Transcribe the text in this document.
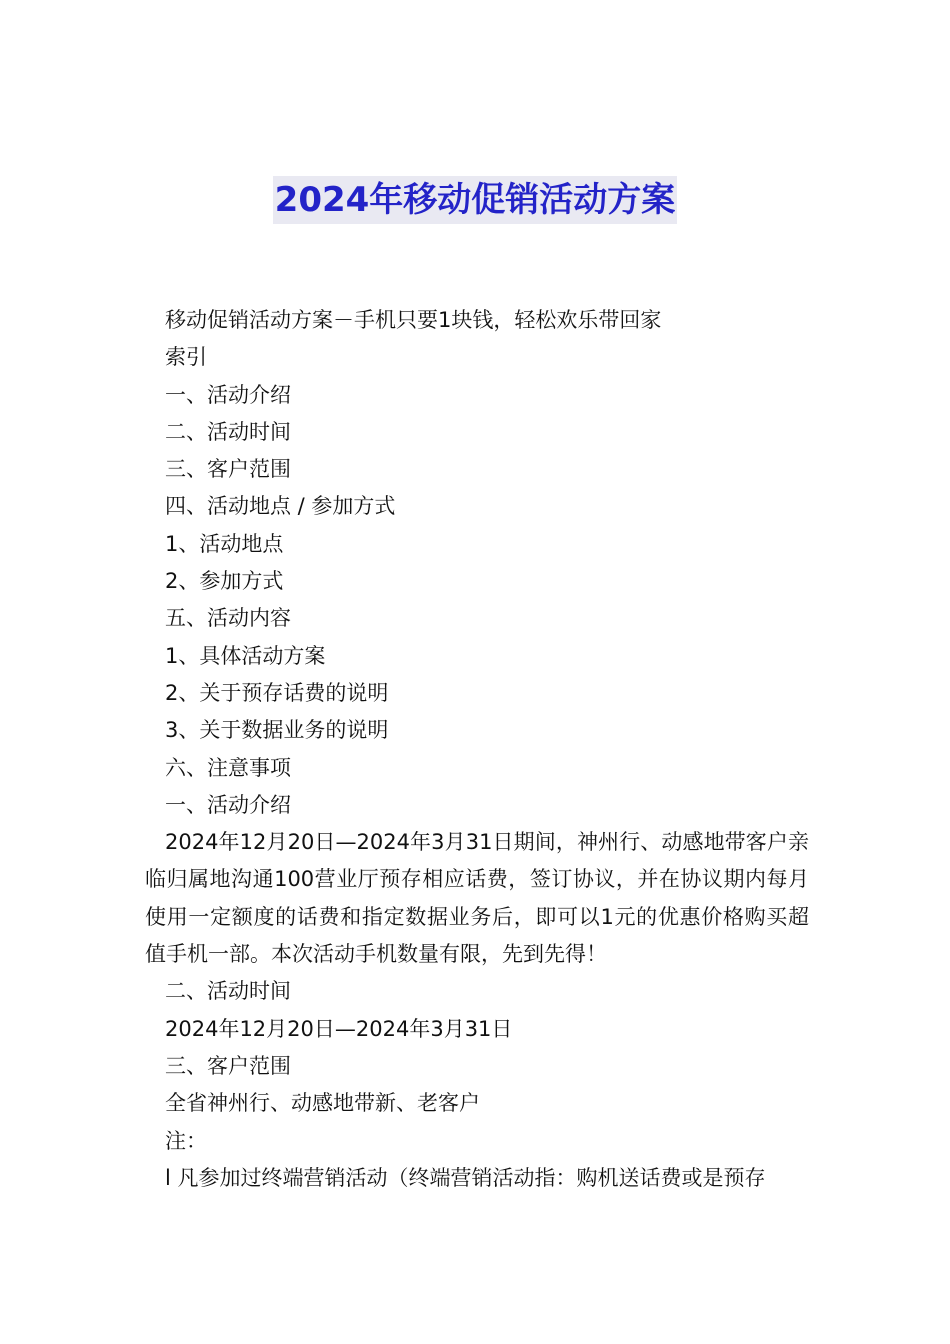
2024年移动促销活动方案
移动促销活动方案－手机只要1块钱，轻松欢乐带回家
索引
一、活动介绍
二、活动时间
三、客户范围
四、活动地点 / 参加方式
1、活动地点
2、参加方式
五、活动内容
1、具体活动方案
2、关于预存话费的说明
3、关于数据业务的说明
六、注意事项
一、活动介绍
2024年12月20日—2024年3月31日期间，神州行、动感地带客户亲临归属地沟通100营业厅预存相应话费，签订协议，并在协议期内每月使用一定额度的话费和指定数据业务后，即可以1元的优惠价格购买超值手机一部。本次活动手机数量有限，先到先得！
二、活动时间
2024年12月20日—2024年3月31日
三、客户范围
全省神州行、动感地带新、老客户
注：
l 凡参加过终端营销活动（终端营销活动指：购机送话费或是预存
